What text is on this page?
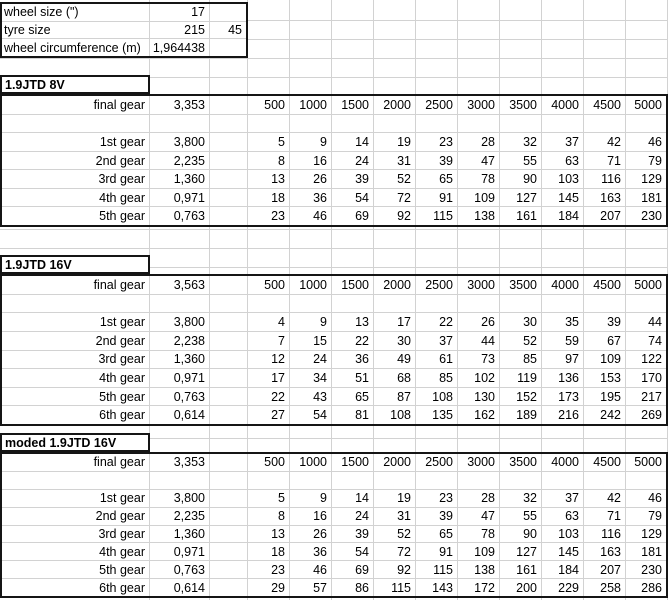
wheel size (")	17
tyre size	215	45
wheel circumference (m) 1,964438
1.9JTD 8V
final gear	3,353	500	1000	1500	2000	2500	3000	3500	4000	4500	5000
1st gear	3,800	5	9	14	19	23	28	32	37	42	46
2nd gear	2,235	8	16	24	31	39	47	55	63	71	79
3rd gear	1,360	13	26	39	52	65	78	90	103	116	129
4th gear	0,971	18	36	54	72	91	109	127	145	163	181
5th gear	0,763	23	46	69	92	115	138	161	184	207	230
1.9JTD 16V
final gear	3,563	500	1000	1500	2000	2500	3000	3500	4000	4500	5000
1st gear	3,800	4	9	13	17	22	26	30	35	39	44
2nd gear	2,238	7	15	22	30	37	44	52	59	67	74
3rd gear	1,360	12	24	36	49	61	73	85	97	109	122
4th gear	0,971	17	34	51	68	85	102	119	136	153	170
5th gear	0,763	22	43	65	87	108	130	152	173	195	217
6th gear	0,614	27	54	81	108	135	162	189	216	242	269
moded 1.9JTD 16V
final gear	3,353	500	1000	1500	2000	2500	3000	3500	4000	4500	5000
1st gear	3,800	5	9	14	19	23	28	32	37	42	46
2nd gear	2,235	8	16	24	31	39	47	55	63	71	79
3rd gear	1,360	13	26	39	52	65	78	90	103	116	129
4th gear	0,971	18	36	54	72	91	109	127	145	163	181
5th gear	0,763	23	46	69	92	115	138	161	184	207	230
6th gear	0,614	29	57	86	115	143	172	200	229	258	286
